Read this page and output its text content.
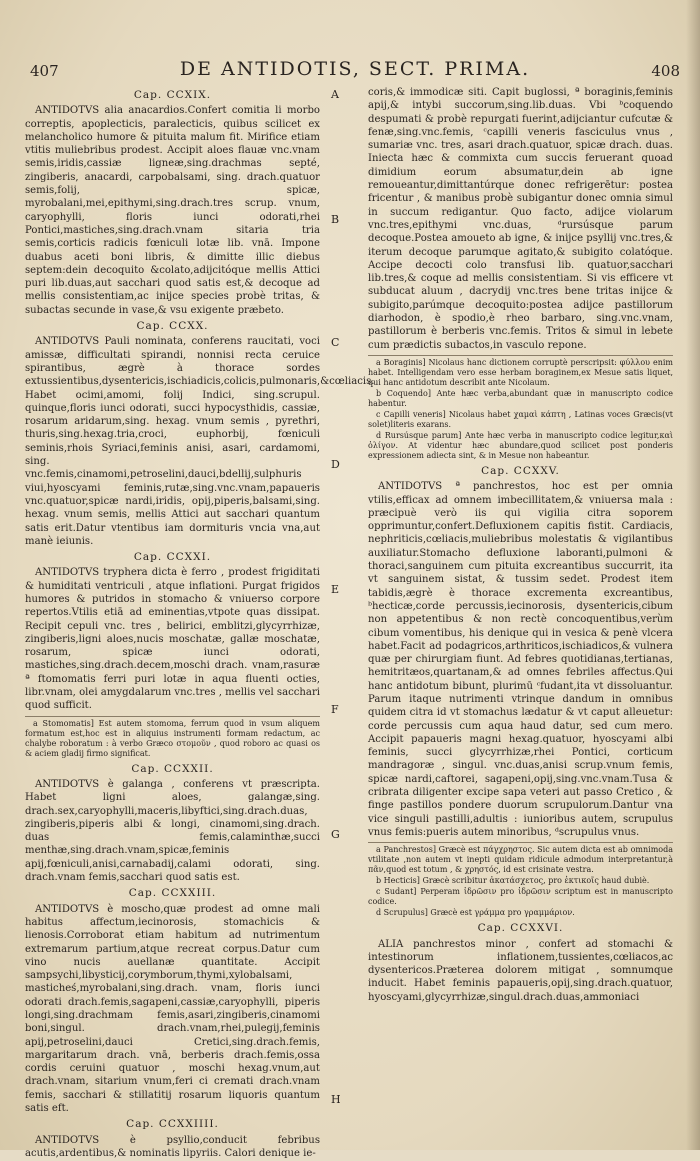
407	DE ANTIDOTIS, SECT. PRIMA.	408
A
B
C
D
E
F
G
H
Cap. CCXIX.

ANTIDOTVS alia anacardios.Confert comitia li morbo correptis, apoplecticis, paralecticis, quibus scilicet ex melancholico humore & pituita malum fit. Mirifice etiam vtitis muliebribus prodest. Accipit aloes flauæ vnc.vnam semis,iridis,cassiæ ligneæ,sing.drachmas septé, zingiberis, anacardi, carpobalsami, sing. drach.quatuor semis,folij, spicæ, myrobalani,mei,epithymi,sing.drach.tres scrup. vnum, caryophylli, floris iunci odorati,rhei Pontici,mastiches,sing.drach.vnam sitaria tria semis,corticis radicis fœniculi lotæ lib. vnā. Impone duabus aceti boni libris, & dimitte illic diebus septem:dein decoquito &colato,adijcitóque mellis Attici puri lib.duas,aut sacchari quod satis est,& decoque ad mellis consistentiam,ac inijce species probè tritas, & subactas secunde in vase,& vsu exigente præbeto.

Cap. CCXX.

ANTIDOTVS Pauli nominata, conferens raucitati, voci amissæ, difficultati spirandi, nonnisi recta ceruice spirantibus, ægrè à thorace sordes extussientibus,dysentericis,ischiadicis,colicis,pulmonaris,&cœliacis. Habet ocimi,amomi, folij Indici, sing.scrupul. quinque,floris iunci odorati, succi hypocysthidis, cassiæ, rosarum aridarum,sing. hexag. vnum semis , pyrethri, thuris,sing.hexag.tria,croci, euphorbij, fœniculi seminis,rhois Syriaci,feminis anisi, asari, cardamomi, sing. vnc.femis,cinamomi,petroselini,dauci,bdellij,sulphuris viui,hyoscyami feminis,rutæ,sing.vnc.vnam,papaueris vnc.quatuor,spicæ nardi,iridis, opij,piperis,balsami,sing. hexag. vnum semis, mellis Attici aut sacchari quantum satis erit.Datur vtentibus iam dormituris vncia vna,aut manè ieiunis.

Cap. CCXXI.

ANTIDOTVS tryphera dicta è ferro , prodest frigiditati & humiditati ventriculi , atque inflationi. Purgat frigidos humores & putridos in stomacho & vniuerso corpore repertos.Vtilis etiā ad eminentias,vtpote quas dissipat. Recipit cepuli vnc. tres , belirici, emblitzi,glycyrrhizæ, zingiberis,ligni aloes,nucis moschatæ, gallæ moschatæ, rosarum, spicæ iunci odorati, mastiches,sing.drach.decem,moschi drach. vnam,rasuræ ª ftomomatis ferri puri lotæ in aqua fluenti octies, libr.vnam, olei amygdalarum vnc.tres , mellis vel sacchari quod sufficit.

a Stomomatis] Est autem stomoma, ferrum quod in vsum aliquem formatum est,hoc est in aliquius instrumenti formam redactum, ac chalybe roboratum : à verbo Græco στομοῦν , quod roboro ac quasi os & aciem gladij firmo significat.

Cap. CCXXII.

ANTIDOTVS è galanga , conferens vt præscripta. Habet ligni aloes, galangæ,sing. drach.sex,caryophylli,maceris,libyftici,sing.drach.duas, zingiberis,piperis albi & longi, cinamomi,sing.drach. duas femis,calaminthæ,succi menthæ,sing.drach.vnam,spicæ,feminis apij,fœniculi,anisi,carnabadij,calami odorati, sing. drach.vnam femis,sacchari quod satis est.

Cap. CCXXIII.

ANTIDOTVS è moscho,quæ prodest ad omne mali habitus affectum,iecinorosis, stomachicis & lienosis.Corroborat etiam habitum ad nutrimentum extremarum partium,atque recreat corpus.Datur cum vino nucis auellanæ quantitate. Accipit sampsychi,libysticij,corymborum,thymi,xylobalsami, masticheś,myrobalani,sing.drach. vnam, floris iunci odorati drach.femis,sagapeni,cassiæ,caryophylli, piperis longi,sing.drachmam femis,asari,zingiberis,cinamomi boni,singul. drach.vnam,rhei,pulegij,feminis apij,petroselini,dauci Cretici,sing.drach.femis, margaritarum drach. vnā, berberis drach.femis,ossa cordis ceruini quatuor , moschi hexag.vnum,aut drach.vnam, sitarium vnum,feri ci cremati drach.vnam femis, sacchari & stillatitij rosarum liquoris quantum satis eft.

Cap. CCXXIIII.

ANTIDOTVS è psyllio,conducit febribus acutis,ardentibus,& nominatis lipyriis. Calori denique ie-

coris,& immodicæ siti. Capit buglossi, ª boraginis,feminis apij,& intybi succorum,sing.lib.duas. Vbi ᵇcoquendo despumati & probè repurgati fuerint,adijciantur cufcutæ & fenæ,sing.vnc.femis, ᶜcapilli veneris fasciculus vnus , sumariæ vnc. tres, asari drach.quatuor, spicæ drach. duas. Iniecta hæc & commixta cum succis feruerant quoad dimidium eorum absumatur,dein ab igne remoueantur,dimittantúrque donec refrigerētur: postea fricentur , & manibus probè subigantur donec omnia simul in succum redigantur. Quo facto, adijce violarum vnc.tres,epithymi vnc.duas, ᵈrursúsque parum decoque.Postea amoueto ab igne, & inijce psyllij vnc.tres,& iterum decoque parumque agitato,& subigito colatóque. Accipe decocti colo transfusi lib. quatuor,sacchari lib.tres,& coque ad mellis consistentiam. Si vis efficere vt subducat aluum , dacrydij vnc.tres bene tritas inijce & subigito,parúmque decoquito:postea adijce pastillorum diarhodon, è spodio,è rheo barbaro, sing.vnc.vnam, pastillorum è berberis vnc.femis. Tritos & simul in lebete cum prædictis subactos,in vasculo repone.

a Boraginis] Nicolaus hanc dictionem corruptè perscripsit: φύλλου enim habet. Intelligendam vero esse herbam boraginem,ex Mesue satis liquet, qui hanc antidotum describit ante Nicolaum.

b Coquendo] Ante hæc verba,abundant quæ in manuscripto codice habentur.

c Capilli veneris] Nicolaus habet χαμαὶ κάπτη , Latinas voces Græcis(vt solet)literis exarans.

d Rursúsque parum] Ante hæc verba in manuscripto codice legitur,καὶ ὀλίγον. At videntur hæc abundare,quod scilicet post ponderis expressionem adiecta sint, & in Mesue non habeantur.

Cap. CCXXV.

ANTIDOTVS ª panchrestos, hoc est per omnia vtilis,efficax ad omnem imbecillitatem,& vniuersa mala : præcipuè verò iis qui vigilia citra soporem opprimuntur,confert.Defluxionem capitis fistit. Cardiacis, nephriticis,cœliacis,muliebribus molestatis & vigilantibus auxiliatur.Stomacho defluxione laboranti,pulmoni & thoraci,sanguinem cum pituita excreantibus succurrit, ita vt sanguinem sistat, & tussim sedet. Prodest item tabidis,ægrè è thorace excrementa excreantibus, ᵇhecticæ,corde percussis,iecinorosis, dysentericis,cibum non appetentibus & non rectè concoquentibus,verùm cibum vomentibus, his denique qui in vesica & penè vlcera habet.Facit ad podagricos,arthriticos,ischiadicos,& vulnera quæ per chirurgiam fiunt. Ad febres quotidianas,tertianas, hemitritæos,quartanam,& ad omnes febriles affectus.Qui hanc antidotum bibunt, plurimū ᶜfudant,ita vt dissoluantur. Parum itaque nutrimenti vtrinque dandum in omnibus quidem citra id vt stomachus lædatur & vt caput alleuetur: corde percussis cum aqua haud datur, sed cum mero. Accipit papaueris magni hexag.quatuor, hyoscyami albi feminis, succi glycyrrhizæ,rhei Pontici, corticum mandragoræ , singul. vnc.duas,anisi scrup.vnum femis, spicæ nardi,caftorei, sagapeni,opij,sing.vnc.vnam.Tusa & cribrata diligenter excipe sapa veteri aut passo Cretico , & finge pastillos pondere duorum scrupulorum.Dantur vna vice singuli pastilli,adultis : iunioribus autem, scrupulus vnus femis:pueris autem minoribus, ᵈscrupulus vnus.

a Panchrestos] Græcè est πάγχρηστος. Sic autem dicta est ab omnimoda vtilitate ,non autem vt inepti quidam ridicule admodum interpretantur,à πᾶν,quod est totum , & χρηστός, id est crisinate vestra.

b Hecticis] Græcè scribitur ἀκατάσχετος, pro ἑκτικοῖς haud dubiè.

c Sudant] Perperam ἱδρῶσιν pro ἱδρῶσιν scriptum est in manuscripto codice.

d Scrupulus] Græcè est γράμμα pro γραμμάριον.

Cap. CCXXVI.

ALIA panchrestos minor , confert ad stomachi & intestinorum inflationem,tussientes,cœliacos,ac dysentericos.Præterea dolorem mitigat , somnumque inducit. Habet feminis papaueris,opij,sing.drach.quatuor, hyoscyami,glycyrrhizæ,singul.drach.duas,ammoniaci
